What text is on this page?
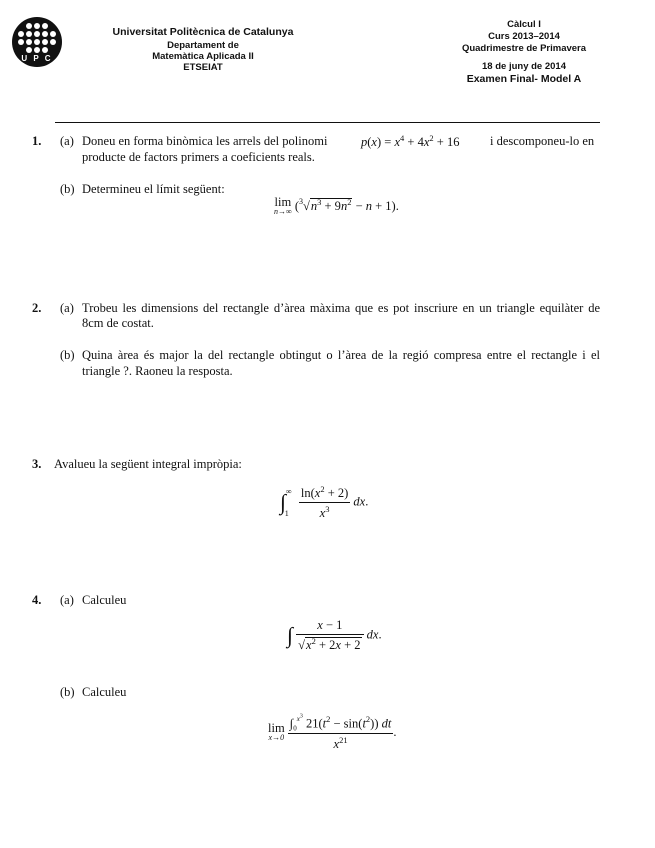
U P C
Universitat Politècnica de Catalunya
Departament de
Matemàtica Aplicada II
ETSEIAT
Càlcul I
Curs 2013–2014
Quadrimestre de Primavera
18 de juny de 2014
Examen Final- Model A
1. (a) Doneu en forma binòmica les arrels del polinomi	$p(x) = x^4 + 4x^2 + 16$ i descomponeu-lo en
producte de factors primers a coeficients reals.
(b) Determineu el límit següent:
lim
n→∞ $(^3√n^3 + 9n^2 - n + 1)$.
2. (a) Trobeu les dimensions del rectangle d’àrea màxima que es pot inscriure en un triangle equilàter de
8cm de costat.
(b) Quina àrea és major la del rectangle obtingut o l’àrea de la regió compresa entre el rectangle i el
triangle ?. Raoneu la resposta.
3. Avalueu la següent integral impròpia:
$\int^\infty_1 \frac{\ln(x^2 + 2)}{x^3}$ dx.
4. (a) Calculeu
∫ $\frac{x - 1}{√x^2 + 2x + 2}$ dx.
(b) Calculeu
lim
x→0
$\frac{\int_0^{x^3} 21(t^2 - \sin(t^2)) dt}{x^{21}}$ .
